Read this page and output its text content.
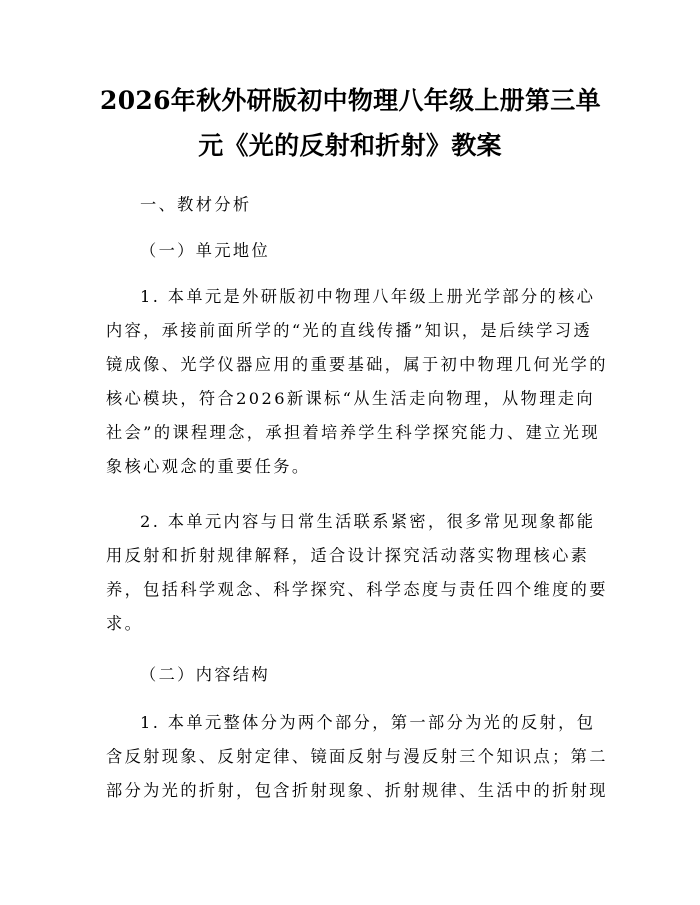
2026年秋外研版初中物理八年级上册第三单
元《光的反射和折射》教案
一、教材分析
（一）单元地位
1. 本单元是外研版初中物理八年级上册光学部分的核心
内容，承接前面所学的“光的直线传播”知识，是后续学习透
镜成像、光学仪器应用的重要基础，属于初中物理几何光学的
核心模块，符合2026新课标“从生活走向物理，从物理走向
社会”的课程理念，承担着培养学生科学探究能力、建立光现
象核心观念的重要任务。
2. 本单元内容与日常生活联系紧密，很多常见现象都能
用反射和折射规律解释，适合设计探究活动落实物理核心素
养，包括科学观念、科学探究、科学态度与责任四个维度的要
求。
（二）内容结构
1. 本单元整体分为两个部分，第一部分为光的反射，包
含反射现象、反射定律、镜面反射与漫反射三个知识点；第二
部分为光的折射，包含折射现象、折射规律、生活中的折射现
